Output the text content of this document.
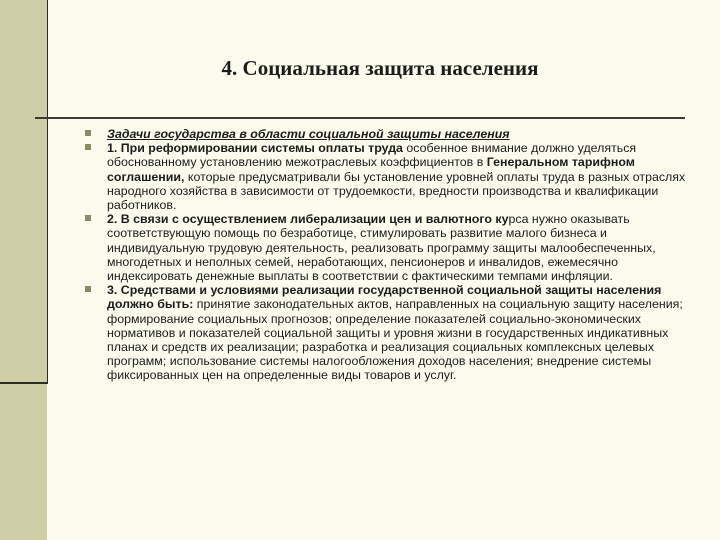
4. Социальная защита населения
Задачи государства в области социальной защиты населения
1. При реформировании системы оплаты труда особенное внимание должно уделяться обоснованному установлению межотраслевых коэффициентов в Генеральном тарифном соглашении, которые предусматривали бы установление уровней оплаты труда в разных отраслях народного хозяйства в зависимости от трудоемкости, вредности производства и квалификации работников.
2. В связи с осуществлением либерализации цен и валютного курса нужно оказывать соответствующую помощь по безработице, стимулировать развитие малого бизнеса и индивидуальную трудовую деятельность, реализовать программу защиты малообеспеченных, многодетных и неполных семей, неработающих, пенсионеров и инвалидов, ежемесячно индексировать денежные выплаты в соответствии с фактическими темпами инфляции.
3. Средствами и условиями реализации государственной социальной защиты населения должно быть: принятие законодательных актов, направленных на социальную защиту населения; формирование социальных прогнозов; определение показателей социально-экономических нормативов и показателей социальной защиты и уровня жизни в государственных индикативных планах и средств их реализации; разработка и реализация социальных комплексных целевых программ; использование системы налогообложения доходов населения; внедрение системы фиксированных цен на определенные виды товаров и услуг.
